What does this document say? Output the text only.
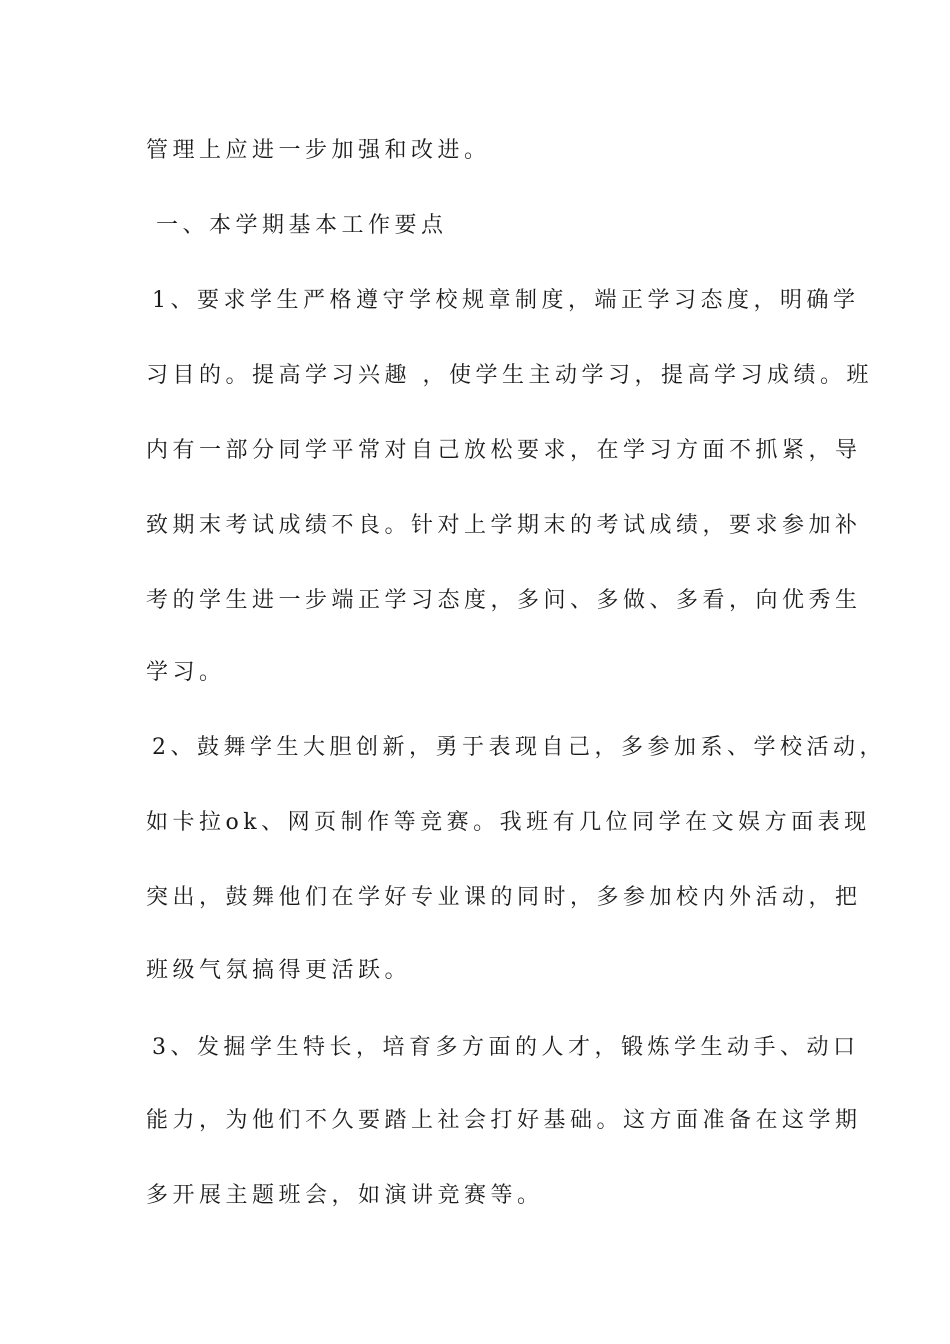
管理上应进一步加强和改进。
一、本学期基本工作要点
1、要求学生严格遵守学校规章制度，端正学习态度，明确学
习目的。提高学习兴趣 ，使学生主动学习，提高学习成绩。班
内有一部分同学平常对自己放松要求，在学习方面不抓紧，导
致期末考试成绩不良。针对上学期末的考试成绩，要求参加补
考的学生进一步端正学习态度，多问、多做、多看，向优秀生
学习。
2、鼓舞学生大胆创新，勇于表现自己，多参加系、学校活动，
如卡拉ok、网页制作等竞赛。我班有几位同学在文娱方面表现
突出，鼓舞他们在学好专业课的同时，多参加校内外活动，把
班级气氛搞得更活跃。
3、发掘学生特长，培育多方面的人才，锻炼学生动手、动口
能力，为他们不久要踏上社会打好基础。这方面准备在这学期
多开展主题班会，如演讲竞赛等。
